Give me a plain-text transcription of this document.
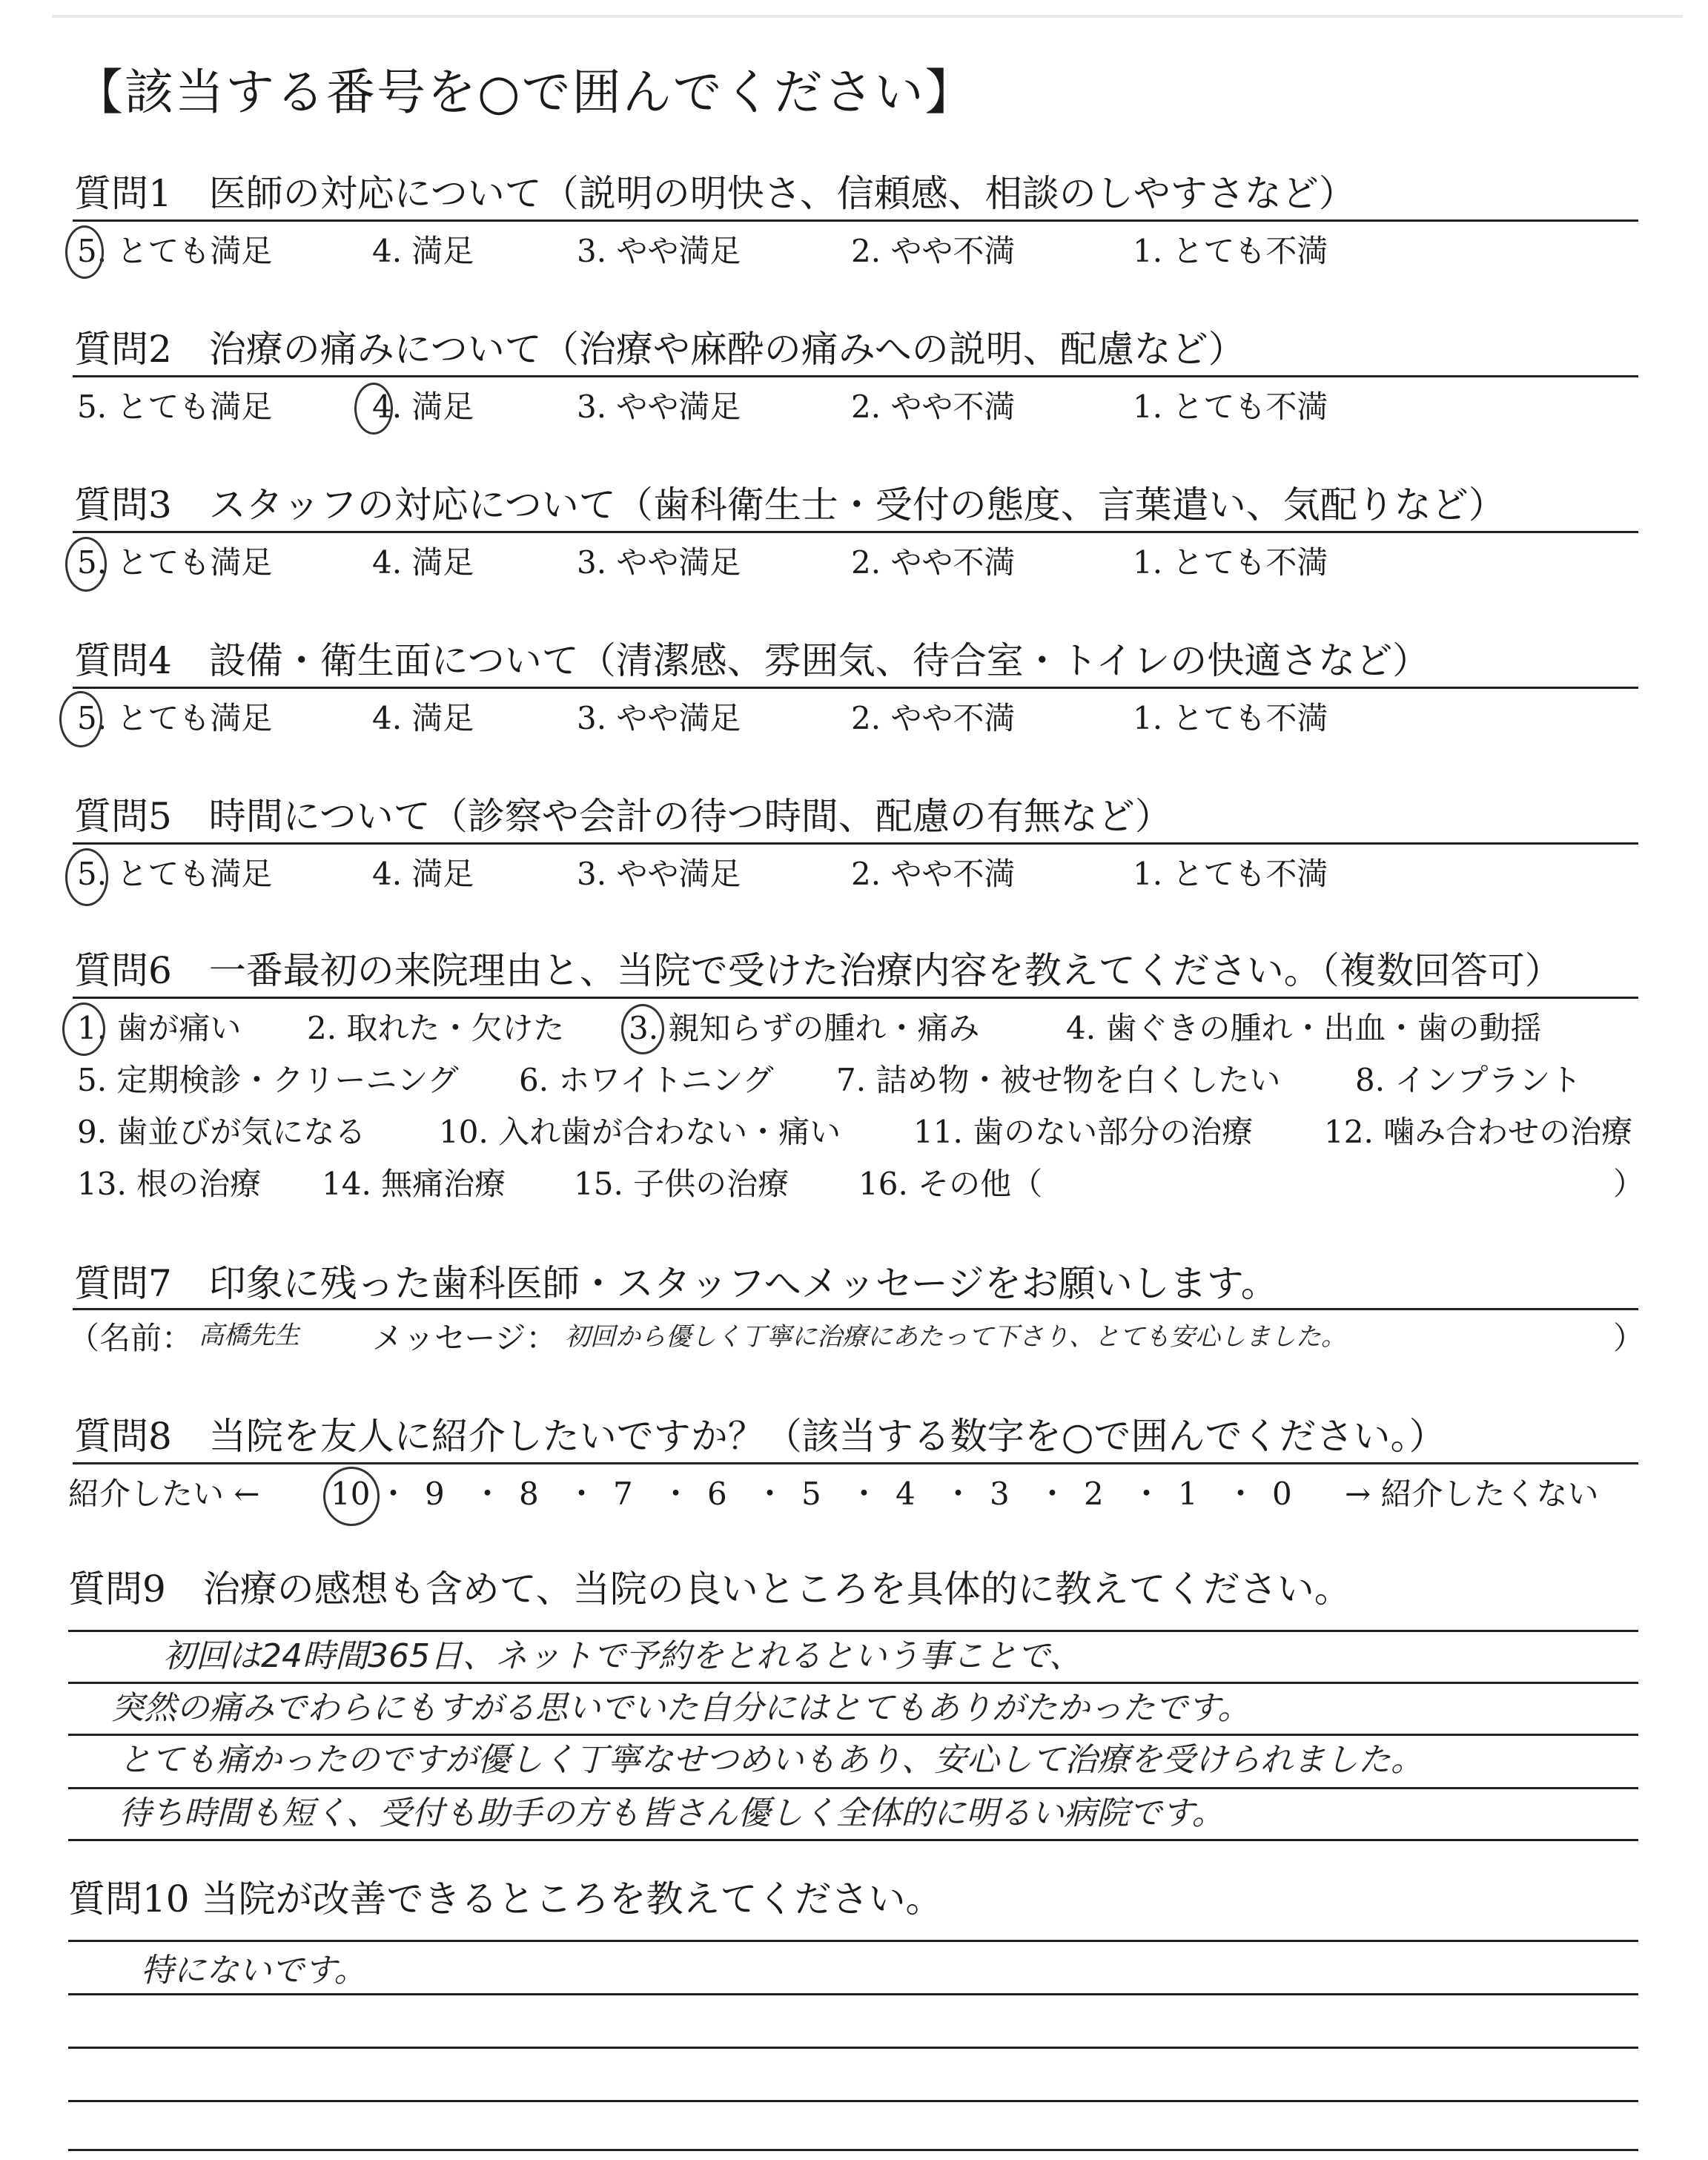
【該当する番号を○で囲んでください】
質問1　医師の対応について（説明の明快さ、信頼感、相談のしやすさなど）
5. とても満足	4. 満足	3. やや満足	2. やや不満	1. とても不満
質問2　治療の痛みについて（治療や麻酔の痛みへの説明、配慮など）
5. とても満足	4. 満足	3. やや満足	2. やや不満	1. とても不満
質問3　スタッフの対応について（歯科衛生士・受付の態度、言葉遣い、気配りなど）
5. とても満足	4. 満足	3. やや満足	2. やや不満	1. とても不満
質問4　設備・衛生面について（清潔感、雰囲気、待合室・トイレの快適さなど）
5. とても満足	4. 満足	3. やや満足	2. やや不満	1. とても不満
質問5　時間について（診察や会計の待つ時間、配慮の有無など）
5. とても満足	4. 満足	3. やや満足	2. やや不満	1. とても不満
質問6　一番最初の来院理由と、当院で受けた治療内容を教えてください。（複数回答可）
1. 歯が痛い 2. 取れた・欠けた 3. 親知らずの腫れ・痛み	4. 歯ぐきの腫れ・出血・歯の動揺
5. 定期検診・クリーニング 6. ホワイトニング 7. 詰め物・被せ物を白くしたい 8. インプラント
9. 歯並びが気になる 10. 入れ歯が合わない・痛い 11. 歯のない部分の治療 12. 噛み合わせの治療
13. 根の治療 14. 無痛治療 15. 子供の治療 16. その他（	）
質問7　印象に残った歯科医師・スタッフへメッセージをお願いします。
（名前： 高橋先生 メッセージ： 初回から優しく丁寧に治療にあたって下さり、とても安心しました。	）
質問8　当院を友人に紹介したいですか？（該当する数字を○で囲んでください。）
紹介したい ← 10 ・ 9 ・ 8 ・ 7 ・ 6 ・ 5 ・ 4 ・ 3 ・ 2 ・ 1 ・ 0 → 紹介したくない
質問9　治療の感想も含めて、当院の良いところを具体的に教えてください。
初回は24時間365日、ネットで予約をとれるという事ことで、
突然の痛みでわらにもすがる思いでいた自分にはとてもありがたかったです。
とても痛かったのですが優しく丁寧なせつめいもあり、安心して治療を受けられました。
待ち時間も短く、受付も助手の方も皆さん優しく全体的に明るい病院です。
質問10 当院が改善できるところを教えてください。
特にないです。
